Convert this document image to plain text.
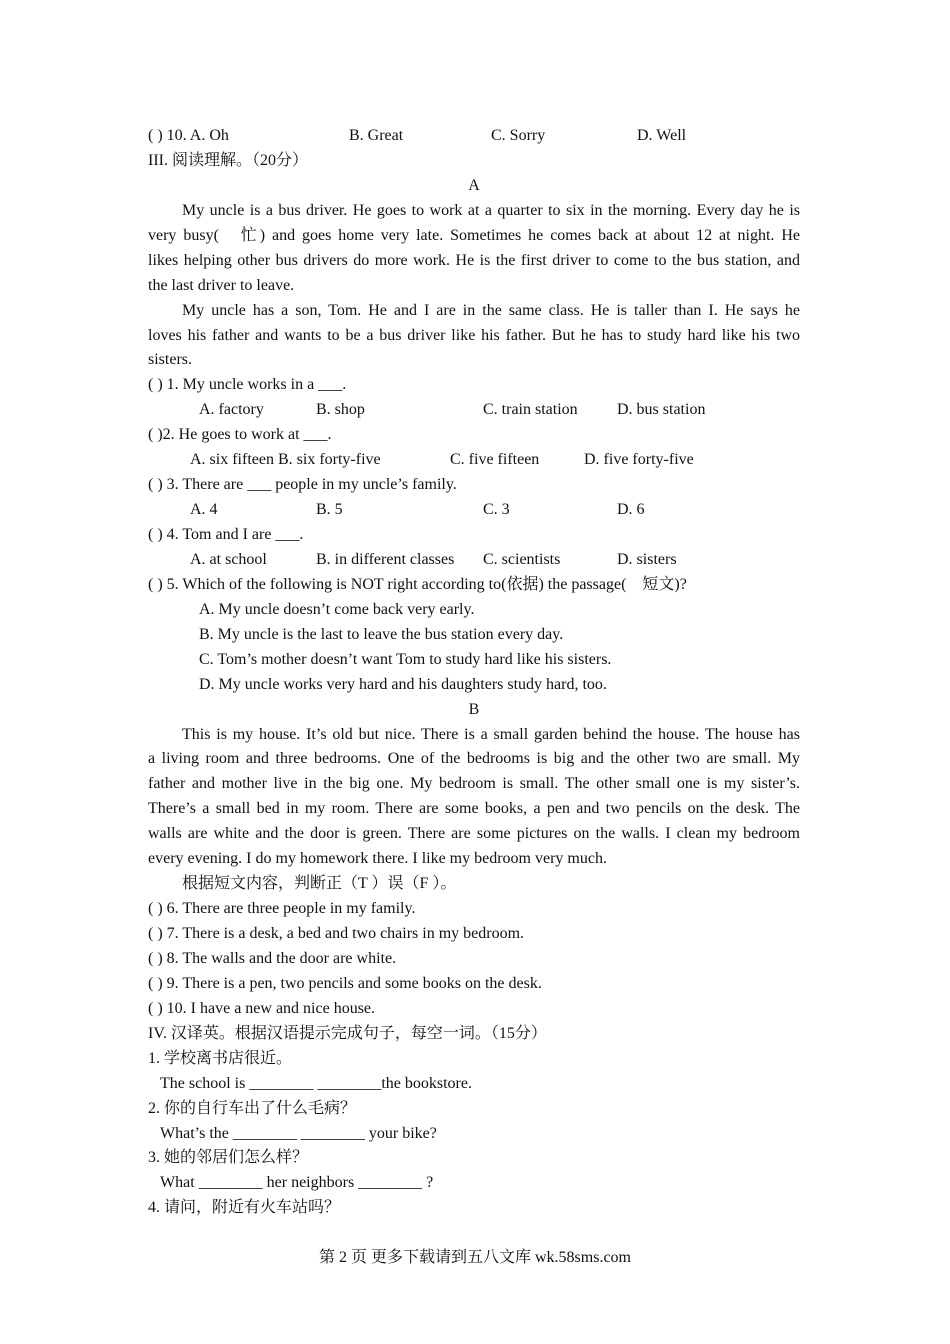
( ) 10. A. Oh	B. Great	C. Sorry	D. Well
III. 阅读理解。（20分）
A
My uncle is a bus driver. He goes to work at a quarter to six in the morning. Every day he is
very busy(　忙) and goes home very late. Sometimes he comes back at about 12 at night. He
likes helping other bus drivers do more work. He is the first driver to come to the bus station, and
the last driver to leave.
My uncle has a son, Tom. He and I are in the same class. He is taller than I. He says he
loves his father and wants to be a bus driver like his father. But he has to study hard like his two
sisters.
( ) 1. My uncle works in a ___.
A. factory	B. shop	C. train station D. bus station
( )2. He goes to work at ___.
A. six fifteen B. six forty-five	C. five fifteen	D. five forty-five
( ) 3. There are ___ people in my uncle’s family.
A. 4	B. 5	C. 3	D. 6
( ) 4. Tom and I are ___.
A. at school	B. in different classes C. scientists	D. sisters
( ) 5. Which of the following is NOT right according to(依据) the passage(　短文)?
A. My uncle doesn’t come back very early.
B. My uncle is the last to leave the bus station every day.
C. Tom’s mother doesn’t want Tom to study hard like his sisters.
D. My uncle works very hard and his daughters study hard, too.
B
This is my house. It’s old but nice. There is a small garden behind the house. The house has
a living room and three bedrooms. One of the bedrooms is big and the other two are small. My
father and mother live in the big one. My bedroom is small. The other small one is my sister’s.
There’s a small bed in my room. There are some books, a pen and two pencils on the desk. The
walls are white and the door is green. There are some pictures on the walls. I clean my bedroom
every evening. I do my homework there. I like my bedroom very much.
根据短文内容，判断正（T ）误（F ）。
( ) 6. There are three people in my family.
( ) 7. There is a desk, a bed and two chairs in my bedroom.
( ) 8. The walls and the door are white.
( ) 9. There is a pen, two pencils and some books on the desk.
( ) 10. I have a new and nice house.
IV. 汉译英。根据汉语提示完成句子，每空一词。（15分）
1. 学校离书店很近。
The school is ________ ________the bookstore.
2. 你的自行车出了什么毛病？
What’s the ________ ________ your bike?
3. 她的邻居们怎么样？
What ________ her neighbors ________ ?
4. 请问，附近有火车站吗？
第 2 页 更多下载请到五八文库 wk.58sms.com
